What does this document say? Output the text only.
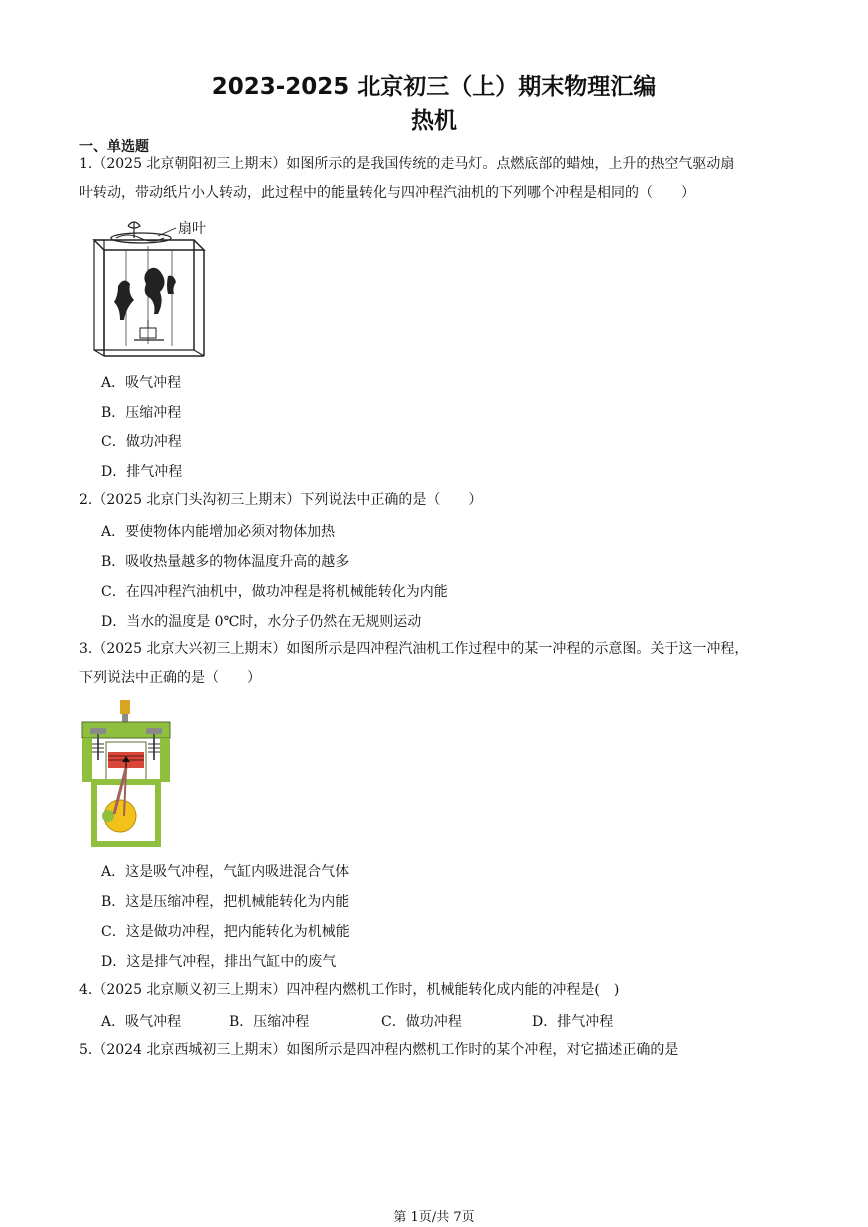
2023-2025 北京初三（上）期末物理汇编
热机
一、单选题
1.（2025 北京朝阳初三上期末）如图所示的是我国传统的走马灯。点燃底部的蜡烛，上升的热空气驱动扇
叶转动，带动纸片小人转动，此过程中的能量转化与四冲程汽油机的下列哪个冲程是相同的（　　）
扇叶
A．吸气冲程
B．压缩冲程
C．做功冲程
D．排气冲程
2.（2025 北京门头沟初三上期末）下列说法中正确的是（　　）
A．要使物体内能增加必须对物体加热
B．吸收热量越多的物体温度升高的越多
C．在四冲程汽油机中，做功冲程是将机械能转化为内能
D．当水的温度是 0℃时，水分子仍然在无规则运动
3.（2025 北京大兴初三上期末）如图所示是四冲程汽油机工作过程中的某一冲程的示意图。关于这一冲程，
下列说法中正确的是（　　）
A．这是吸气冲程，气缸内吸进混合气体
B．这是压缩冲程，把机械能转化为内能
C．这是做功冲程，把内能转化为机械能
D．这是排气冲程，排出气缸中的废气
4.（2025 北京顺义初三上期末）四冲程内燃机工作时，机械能转化成内能的冲程是(　)
A．吸气冲程	B．压缩冲程	C．做功冲程	D．排气冲程
5.（2024 北京西城初三上期末）如图所示是四冲程内燃机工作时的某个冲程，对它描述正确的是
第 1页/共 7页
